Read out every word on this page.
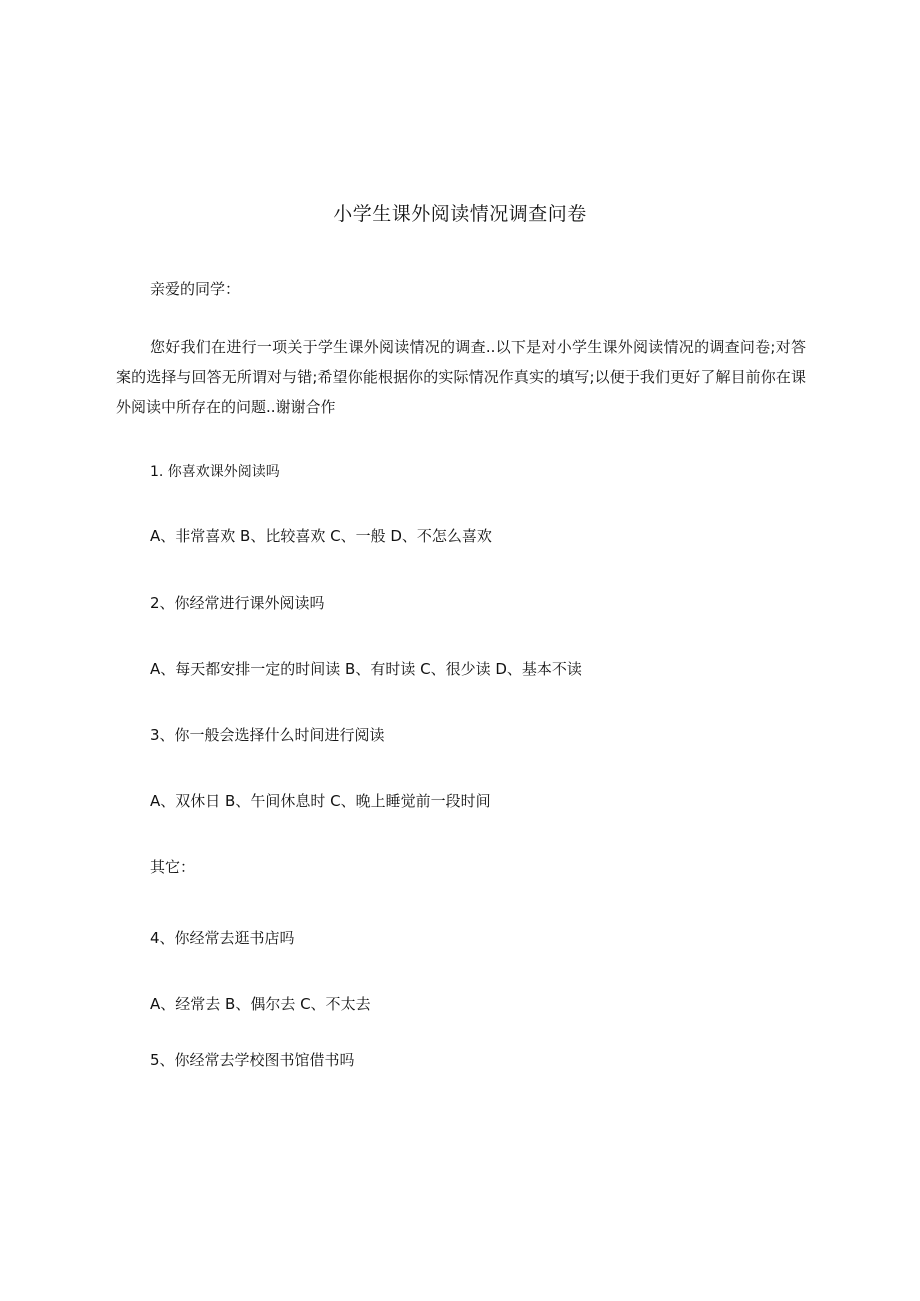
小学生课外阅读情况调查问卷
亲爱的同学：
您好我们在进行一项关于学生课外阅读情况的调查..以下是对小学生课外阅读情况的调查问卷;对答案的选择与回答无所谓对与错;希望你能根据你的实际情况作真实的填写;以便于我们更好了解目前你在课外阅读中所存在的问题..谢谢合作
1. 你喜欢课外阅读吗
A、非常喜欢 B、比较喜欢 C、一般 D、不怎么喜欢
2、你经常进行课外阅读吗
A、每天都安排一定的时间读 B、有时读 C、很少读 D、基本不读
3、你一般会选择什么时间进行阅读
A、双休日 B、午间休息时 C、晚上睡觉前一段时间
其它：
4、你经常去逛书店吗
A、经常去 B、偶尔去 C、不太去
5、你经常去学校图书馆借书吗
